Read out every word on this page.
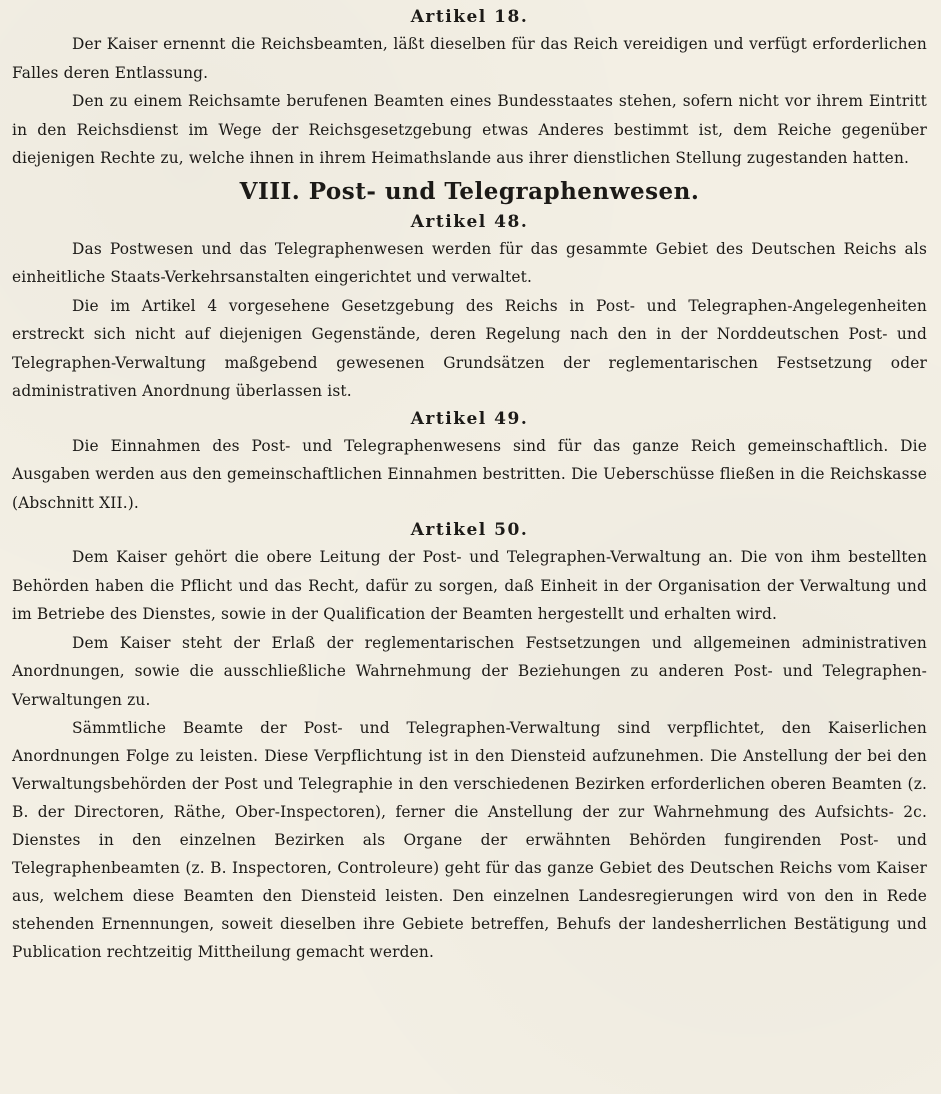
Artikel 18.

Der Kaiser ernennt die Reichsbeamten, läßt dieselben für das Reich vereidigen und verfügt erforderlichen Falles deren Entlassung.

Den zu einem Reichsamte berufenen Beamten eines Bundesstaates stehen, sofern nicht vor ihrem Eintritt in den Reichsdienst im Wege der Reichsgesetzgebung etwas Anderes bestimmt ist, dem Reiche gegenüber diejenigen Rechte zu, welche ihnen in ihrem Heimathslande aus ihrer dienstlichen Stellung zugestanden hatten.

VIII. Post- und Telegraphenwesen.
Artikel 48.

Das Postwesen und das Telegraphenwesen werden für das gesammte Gebiet des Deutschen Reichs als einheitliche Staats-Verkehrsanstalten eingerichtet und verwaltet.

Die im Artikel 4 vorgesehene Gesetzgebung des Reichs in Post- und Telegraphen-Angelegenheiten erstreckt sich nicht auf diejenigen Gegenstände, deren Regelung nach den in der Norddeutschen Post- und Telegraphen-Verwaltung maßgebend gewesenen Grundsätzen der reglementarischen Festsetzung oder administrativen Anordnung überlassen ist.

Artikel 49.

Die Einnahmen des Post- und Telegraphenwesens sind für das ganze Reich gemeinschaftlich. Die Ausgaben werden aus den gemeinschaftlichen Einnahmen bestritten. Die Ueberschüsse fließen in die Reichskasse (Abschnitt XII.).

Artikel 50.

Dem Kaiser gehört die obere Leitung der Post- und Telegraphen-Verwaltung an. Die von ihm bestellten Behörden haben die Pflicht und das Recht, dafür zu sorgen, daß Einheit in der Organisation der Verwaltung und im Betriebe des Dienstes, sowie in der Qualification der Beamten hergestellt und erhalten wird.

Dem Kaiser steht der Erlaß der reglementarischen Festsetzungen und allgemeinen administrativen Anordnungen, sowie die ausschließliche Wahrnehmung der Beziehungen zu anderen Post- und Telegraphen-Verwaltungen zu.

Sämmtliche Beamte der Post- und Telegraphen-Verwaltung sind verpflichtet, den Kaiserlichen Anordnungen Folge zu leisten. Diese Verpflichtung ist in den Diensteid aufzunehmen. Die Anstellung der bei den Verwaltungsbehörden der Post und Telegraphie in den verschiedenen Bezirken erforderlichen oberen Beamten (z. B. der Directoren, Räthe, Ober-Inspectoren), ferner die Anstellung der zur Wahrnehmung des Aufsichts- 2c. Dienstes in den einzelnen Bezirken als Organe der erwähnten Behörden fungirenden Post- und Telegraphenbeamten (z. B. Inspectoren, Controleure) geht für das ganze Gebiet des Deutschen Reichs vom Kaiser aus, welchem diese Beamten den Diensteid leisten. Den einzelnen Landesregierungen wird von den in Rede stehenden Ernennungen, soweit dieselben ihre Gebiete betreffen, Behufs der landesherrlichen Bestätigung und Publication rechtzeitig Mittheilung gemacht werden.
